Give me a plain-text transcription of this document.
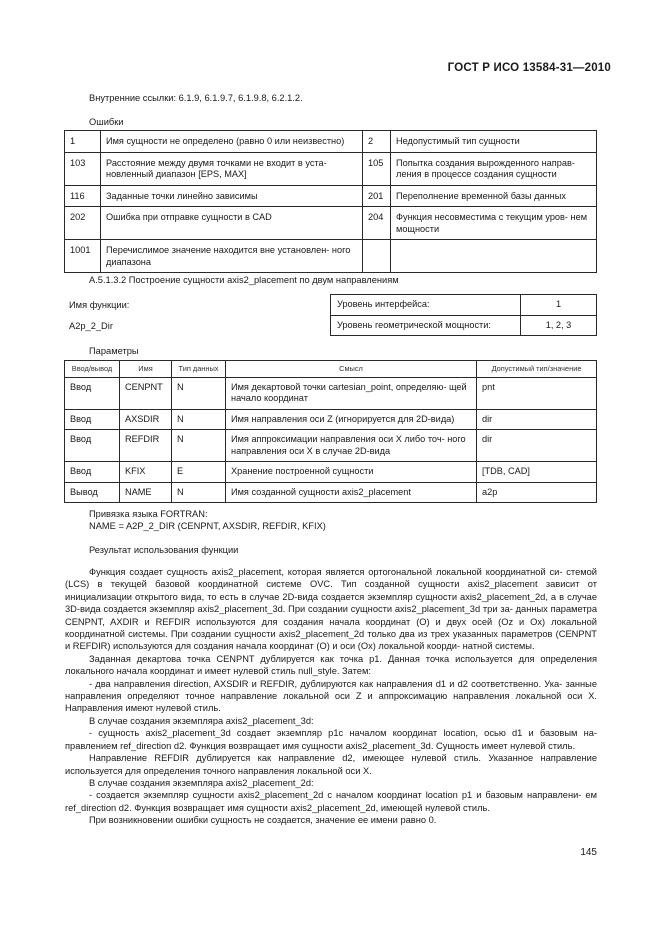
ГОСТ Р ИСО 13584-31—2010
Внутренние ссылки: 6.1.9, 6.1.9.7, 6.1.9.8, 6.2.1.2.
Ошибки
1	Имя сущности не определено (равно 0 или неизвестно)	2	Недопустимый тип сущности
103	Расстояние между двумя точками не входит в уста- новленный диапазон [EPS, MAX]	105	Попытка создания вырожденного направ- ления в процессе создания сущности
116	Заданные точки линейно зависимы	201	Переполнение временной базы данных
202	Ошибка при отправке сущности в CAD	204	Функция несовместима с текущим уров- нем мощности
1001	Перечислимое значение находится вне установлен- ного диапазона		
А.5.1.3.2 Построение сущности axis2_placement по двум направлениям
Имя функции:
A2p_2_Dir
Уровень интерфейса:	1
Уровень геометрической мощности:	1, 2, 3
Параметры
Ввод/вывод	Имя	Тип данных	Смысл	Допустимый тип/значение
Ввод	CENPNT	N	Имя декартовой точки cartesian_point, определяю- щей начало координат	pnt
Ввод	AXSDIR	N	Имя направления оси Z (игнорируется для 2D-вида)	dir
Ввод	REFDIR	N	Имя аппроксимации направления оси X либо точ- ного направления оси X в случае 2D-вида	dir
Ввод	KFIX	E	Хранение построенной сущности	[TDB, CAD]
Вывод	NAME	N	Имя созданной сущности axis2_placement	a2p
Привязка языка FORTRAN:
NAME = A2P_2_DIR (CENPNT, AXSDIR, REFDIR, KFIX)
Результат использования функции

Функция создает сущность axis2_placement, которая является ортогональной локальной координатной си- стемой (LCS) в текущей базовой координатной системе OVC. Тип созданной сущности axis2_placement зависит от инициализации открытого вида, то есть в случае 2D-вида создается экземпляр сущности axis2_placement_2d, а в случае 3D-вида создается экземпляр axis2_placement_3d. При создании сущности axis2_placement_3d три за- данных параметра CENPNT, AXDIR и REFDIR используются для создания начала координат (O) и двух осей (Oz и Ox) локальной координатной системы. При создании сущности axis2_placement_2d только два из трех указанных параметров (CENPNT и REFDIR) используются для создания начала координат (O) и оси (Ox) локальной коорди- натной системы.

Заданная декартова точка CENPNT дублируется как точка p1. Данная точка используется для определения локального начала координат и имеет нулевой стиль null_style. Затем:

- два направления direction, AXSDIR и REFDIR, дублируются как направления d1 и d2 соответственно. Ука- занные направления определяют точное направление локальной оси Z и аппроксимацию направления локальной оси X. Направления имеют нулевой стиль.

В случае создания экземпляра axis2_placement_3d:

- сущность axis2_placement_3d создает экземпляр p1c началом координат location, осью d1 и базовым на- правлением ref_direction d2. Функция возвращает имя сущности axis2_placement_3d. Сущность имеет нулевой стиль.

Направление REFDIR дублируется как направление d2, имеющее нулевой стиль. Указанное направление используется для определения точного направления локальной оси X.

В случае создания экземпляра axis2_placement_2d:

- создается экземпляр сущности axis2_placement_2d с началом координат location p1 и базовым направлени- ем ref_direction d2. Функция возвращает имя сущности axis2_placement_2d, имеющей нулевой стиль.

При возникновении ошибки сущность не создается, значение ее имени равно 0.

145
